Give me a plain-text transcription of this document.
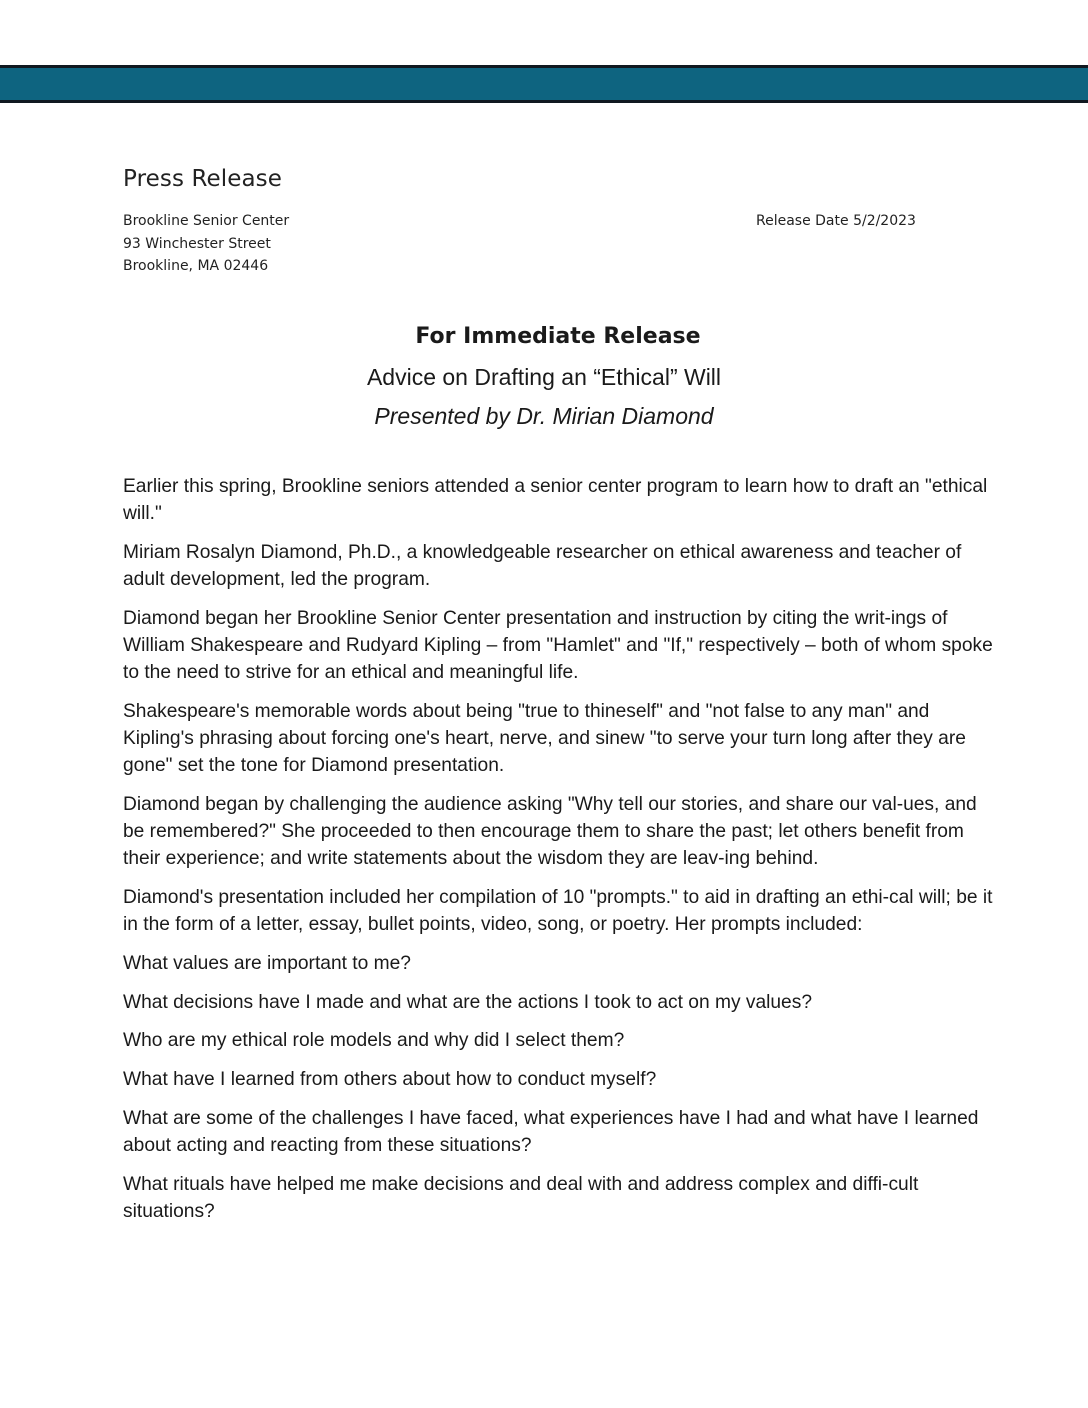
Press Release
Brookline Senior Center
93 Winchester Street
Brookline, MA 02446
Release Date 5/2/2023
For Immediate Release
Advice on Drafting an “Ethical” Will
Presented by Dr. Mirian Diamond

Earlier this spring, Brookline seniors attended a senior center program to learn how to draft an "ethical will."

Miriam Rosalyn Diamond, Ph.D., a knowledgeable researcher on ethical awareness and teacher of adult development, led the program.

Diamond began her Brookline Senior Center presentation and instruction by citing the writ-ings of William Shakespeare and Rudyard Kipling – from "Hamlet" and "If," respectively – both of whom spoke to the need to strive for an ethical and meaningful life.

Shakespeare's memorable words about being "true to thineself" and "not false to any man" and Kipling's phrasing about forcing one's heart, nerve, and sinew "to serve your turn long after they are gone" set the tone for Diamond presentation.

Diamond began by challenging the audience asking "Why tell our stories, and share our val-ues, and be remembered?" She proceeded to then encourage them to share the past; let others benefit from their experience; and write statements about the wisdom they are leav-ing behind.

Diamond's presentation included her compilation of 10 "prompts." to aid in drafting an ethi-cal will; be it in the form of a letter, essay, bullet points, video, song, or poetry. Her prompts included:

What values are important to me?

What decisions have I made and what are the actions I took to act on my values?

Who are my ethical role models and why did I select them?

What have I learned from others about how to conduct myself?

What are some of the challenges I have faced, what experiences have I had and what have I learned about acting and reacting from these situations?

What rituals have helped me make decisions and deal with and address complex and diffi-cult situations?
